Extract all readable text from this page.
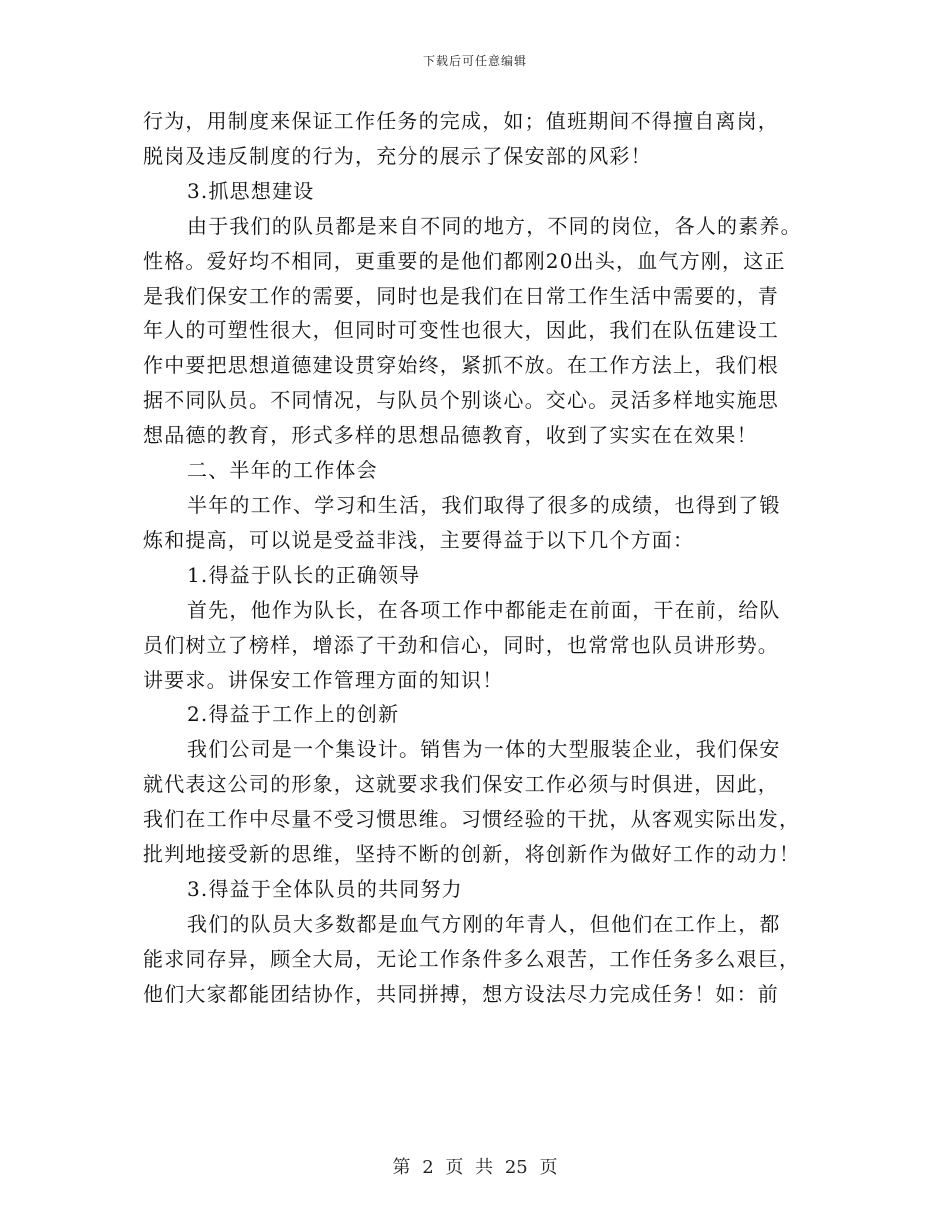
下载后可任意编辑

行为，用制度来保证工作任务的完成，如；值班期间不得擅自离岗，

脱岗及违反制度的行为，充分的展示了保安部的风彩！

3.抓思想建设

由于我们的队员都是来自不同的地方，不同的岗位，各人的素养。

性格。爱好均不相同，更重要的是他们都刚20出头，血气方刚，这正

是我们保安工作的需要，同时也是我们在日常工作生活中需要的，青

年人的可塑性很大，但同时可变性也很大，因此，我们在队伍建设工

作中要把思想道德建设贯穿始终，紧抓不放。在工作方法上，我们根

据不同队员。不同情况，与队员个别谈心。交心。灵活多样地实施思

想品德的教育，形式多样的思想品德教育，收到了实实在在效果！

二、半年的工作体会

半年的工作、学习和生活，我们取得了很多的成绩，也得到了锻

炼和提高，可以说是受益非浅，主要得益于以下几个方面：

1.得益于队长的正确领导

首先，他作为队长，在各项工作中都能走在前面，干在前，给队

员们树立了榜样，增添了干劲和信心，同时，也常常也队员讲形势。

讲要求。讲保安工作管理方面的知识！

2.得益于工作上的创新

我们公司是一个集设计。销售为一体的大型服装企业，我们保安

就代表这公司的形象，这就要求我们保安工作必须与时俱进，因此，

我们在工作中尽量不受习惯思维。习惯经验的干扰，从客观实际出发，

批判地接受新的思维，坚持不断的创新，将创新作为做好工作的动力！

3.得益于全体队员的共同努力

我们的队员大多数都是血气方刚的年青人，但他们在工作上，都

能求同存异，顾全大局，无论工作条件多么艰苦，工作任务多么艰巨，

他们大家都能团结协作，共同拼搏，想方设法尽力完成任务！如：前

第 2 页 共 25 页
